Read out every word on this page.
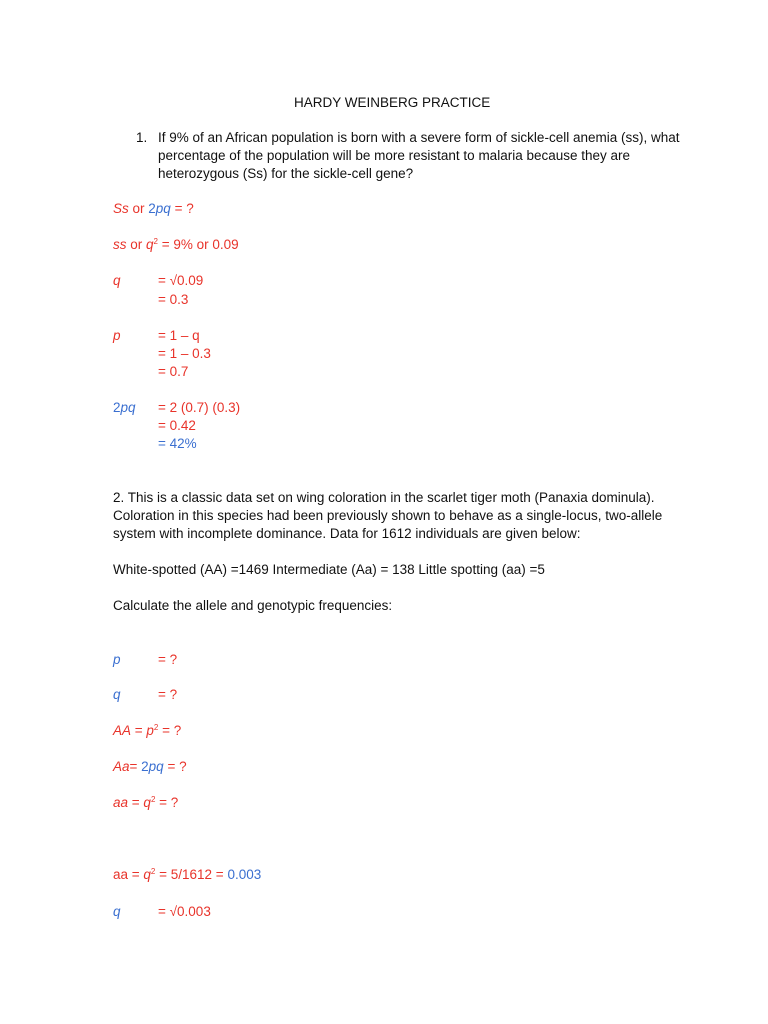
HARDY WEINBERG PRACTICE
1. If 9% of an African population is born with a severe form of sickle-cell anemia (ss), what
percentage of the population will be more resistant to malaria because they are
heterozygous (Ss) for the sickle-cell gene?
Ss or 2pq = ?
ss or $q^2 = 9\%$ or 0.09
q	= √0.09
= 0.3
p	= 1 – q
= 1 – 0.3
= 0.7
2pq = 2 (0.7) (0.3)
= 0.42
= 42%
2. This is a classic data set on wing coloration in the scarlet tiger moth (Panaxia dominula).
Coloration in this species had been previously shown to behave as a single-locus, two-allele
system with incomplete dominance. Data for 1612 individuals are given below:
White-spotted (AA) =1469 Intermediate (Aa) = 138 Little spotting (aa) =5
Calculate the allele and genotypic frequencies:
p	= ?
q	= ?
AA = $p^2$ = ?
Aa= 2pq = ?
aa = $q^2$ = ?
aa = $q^2 = 5/1612 = 0.003$
q	= √0.003
